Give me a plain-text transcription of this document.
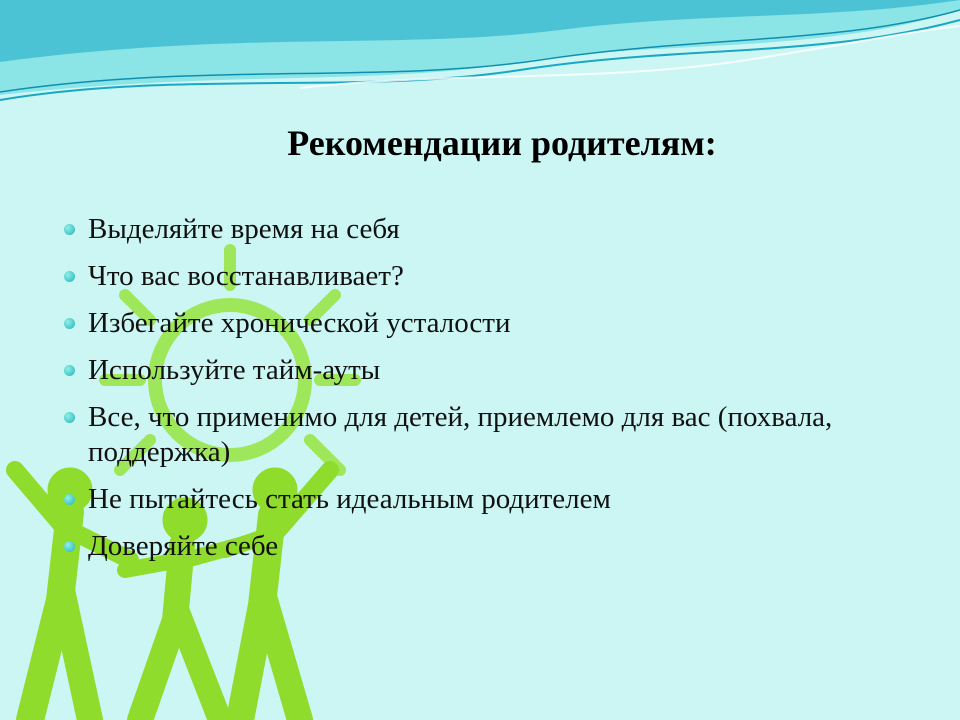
Рекомендации родителям:
Выделяйте время на себя
Что вас восстанавливает?
Избегайте хронической усталости
Используйте тайм-ауты
Все, что применимо для детей, приемлемо для вас (похвала, поддержка)
Не пытайтесь стать идеальным родителем
Доверяйте себе
